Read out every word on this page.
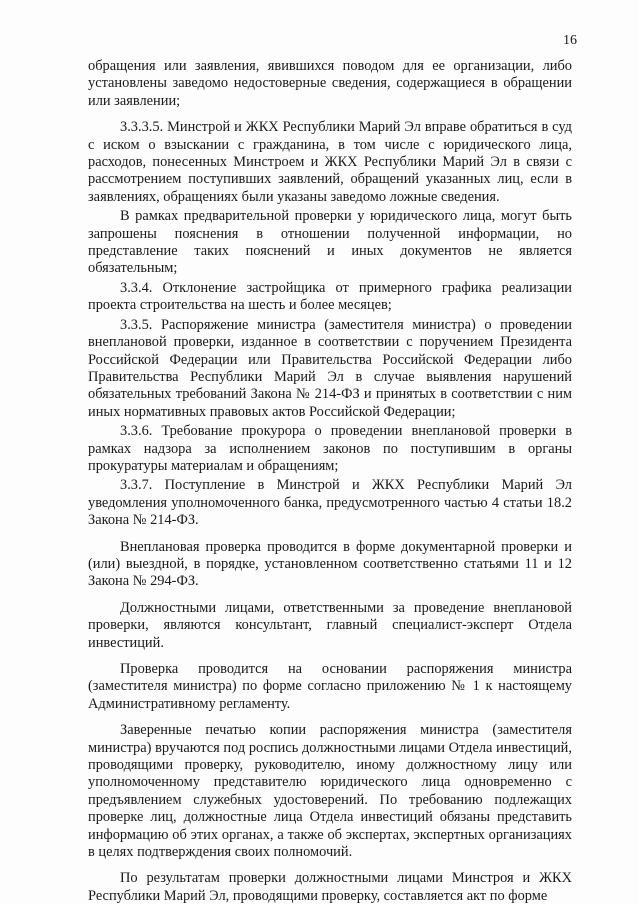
16

обращения или заявления, явившихся поводом для ее организации, либо установлены заведомо недостоверные сведения, содержащиеся в обращении или заявлении;

3.3.3.5. Минстрой и ЖКХ Республики Марий Эл вправе обратиться в суд с иском о взыскании с гражданина, в том числе с юридического лица, расходов, понесенных Минстроем и ЖКХ Республики Марий Эл в связи с рассмотрением поступивших заявлений, обращений указанных лиц, если в заявлениях, обращениях были указаны заведомо ложные сведения.

В рамках предварительной проверки у юридического лица, могут быть запрошены пояснения в отношении полученной информации, но представление таких пояснений и иных документов не является обязательным;

3.3.4. Отклонение застройщика от примерного графика реализации проекта строительства на шесть и более месяцев;

3.3.5. Распоряжение министра (заместителя министра) о проведении внеплановой проверки, изданное в соответствии с поручением Президента Российской Федерации или Правительства Российской Федерации либо Правительства Республики Марий Эл в случае выявления нарушений обязательных требований Закона № 214-ФЗ и принятых в соответствии с ним иных нормативных правовых актов Российской Федерации;

3.3.6. Требование прокурора о проведении внеплановой проверки в рамках надзора за исполнением законов по поступившим в органы прокуратуры материалам и обращениям;

3.3.7. Поступление в Минстрой и ЖКХ Республики Марий Эл уведомления уполномоченного банка, предусмотренного частью 4 статьи 18.2 Закона № 214-ФЗ.

Внеплановая проверка проводится в форме документарной проверки и (или) выездной, в порядке, установленном соответственно статьями 11 и 12 Закона № 294-ФЗ.

Должностными лицами, ответственными за проведение внеплановой проверки, являются консультант, главный специалист-эксперт Отдела инвестиций.

Проверка проводится на основании распоряжения министра (заместителя министра) по форме согласно приложению № 1 к настоящему Административному регламенту.

Заверенные печатью копии распоряжения министра (заместителя министра) вручаются под роспись должностными лицами Отдела инвестиций, проводящими проверку, руководителю, иному должностному лицу или уполномоченному представителю юридического лица одновременно с предъявлением служебных удостоверений. По требованию подлежащих проверке лиц, должностные лица Отдела инвестиций обязаны представить информацию об этих органах, а также об экспертах, экспертных организациях в целях подтверждения своих полномочий.

По результатам проверки должностными лицами Минстроя и ЖКХ Республики Марий Эл, проводящими проверку, составляется акт по форме
